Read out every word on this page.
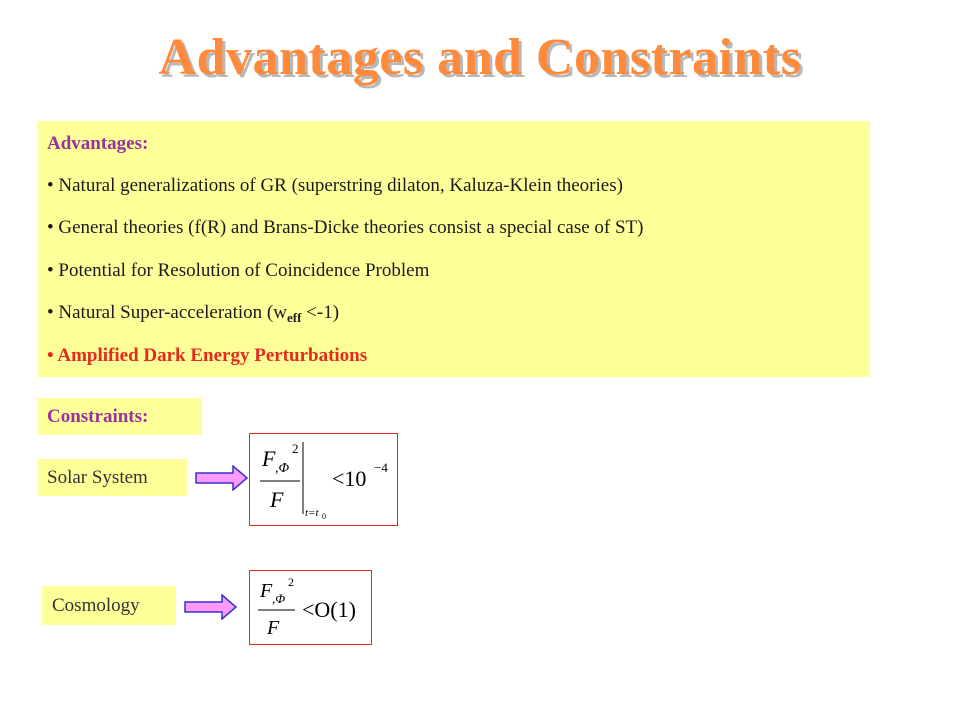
Advantages and Constraints
Advantages:
• Natural generalizations of GR (superstring dilaton, Kaluza-Klein theories)
• General theories (f(R) and Brans-Dicke theories consist a special case of ST)
• Potential for Resolution of Coincidence Problem
• Natural Super-acceleration $(w_{eff} <-1)$
• Amplified Dark Energy Perturbations
Constraints:
Solar System
F ,Φ
2
F
t=t 0
<10 −4
Cosmology
F ,Φ
2
F
<O(1)
